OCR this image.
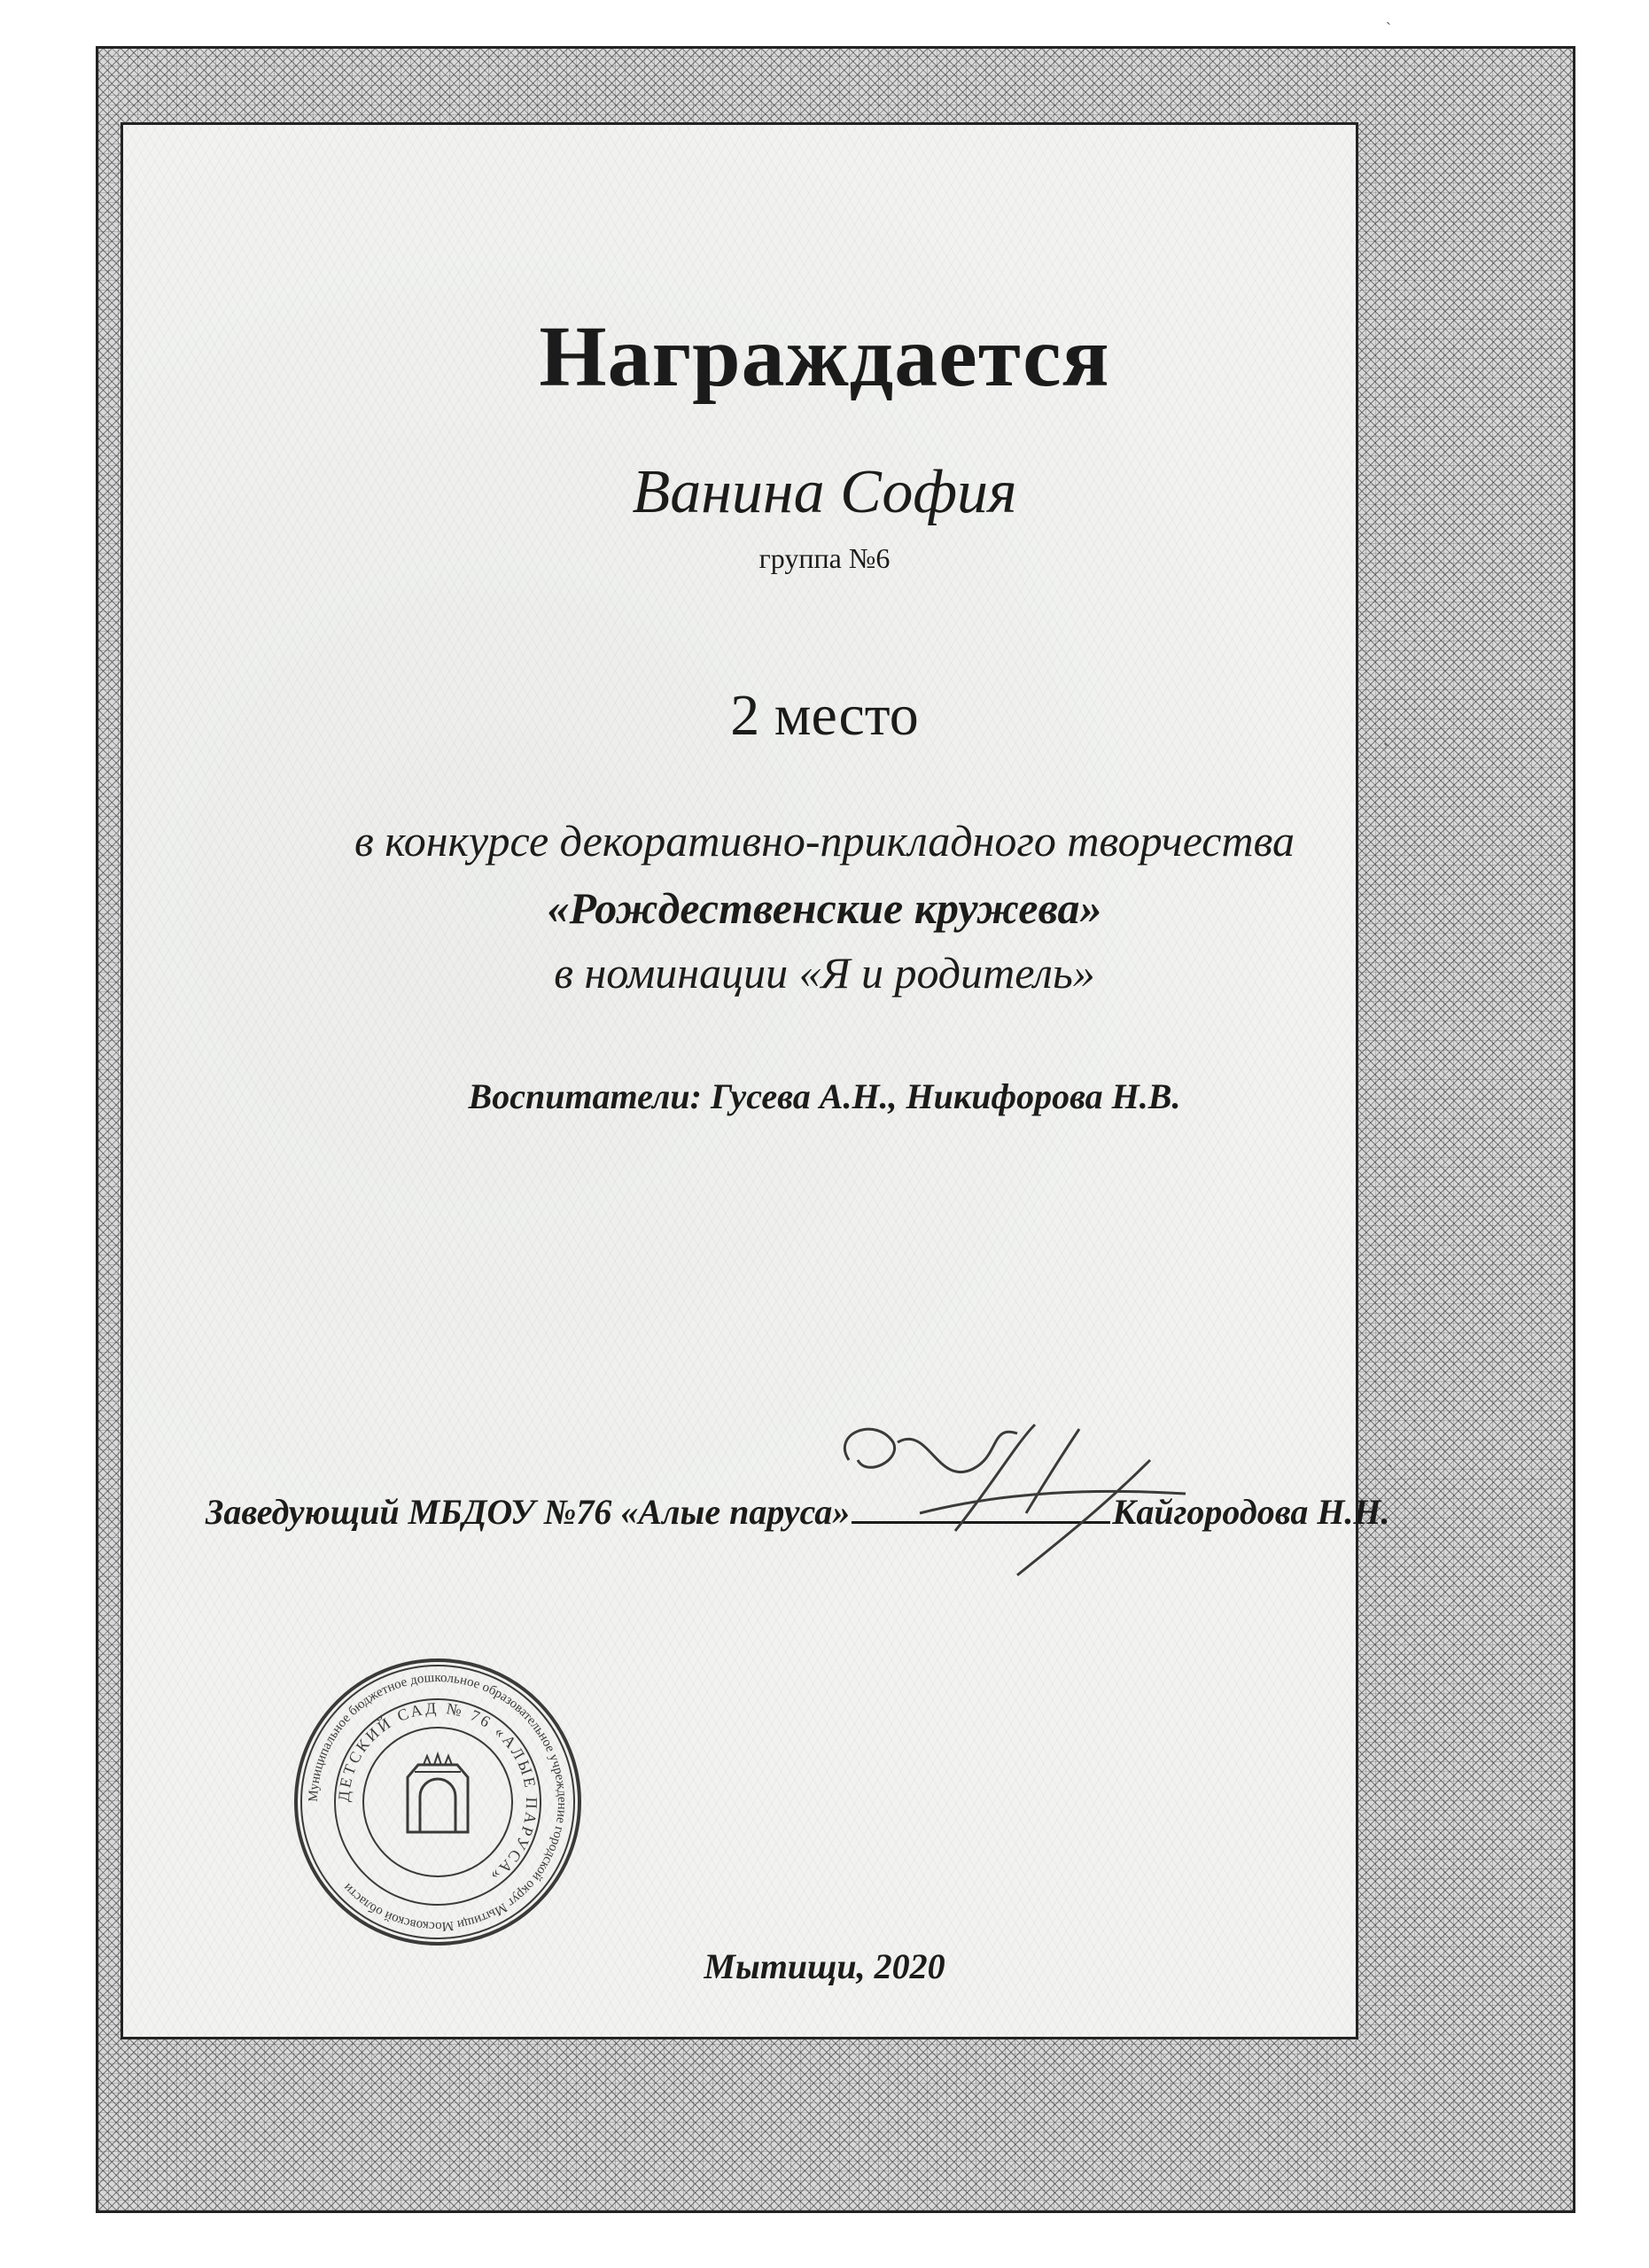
Награждается
Ванина София
группа №6
2 место
в конкурсе декоративно-прикладного творчества
«Рождественские кружева»
в номинации «Я и родитель»
Воспитатели: Гусева А.Н., Никифорова Н.В.
Заведующий МБДОУ №76 «Алые паруса»	Кайгородова Н.Н.
Муниципальное бюджетное дошкольное образовательное учреждение городской округ Мытищи Московской области
ДЕТСКИЙ САД № 76 «АЛЫЕ ПАРУСА»
Мытищи, 2020
ˋ
ˋ
ˋ
